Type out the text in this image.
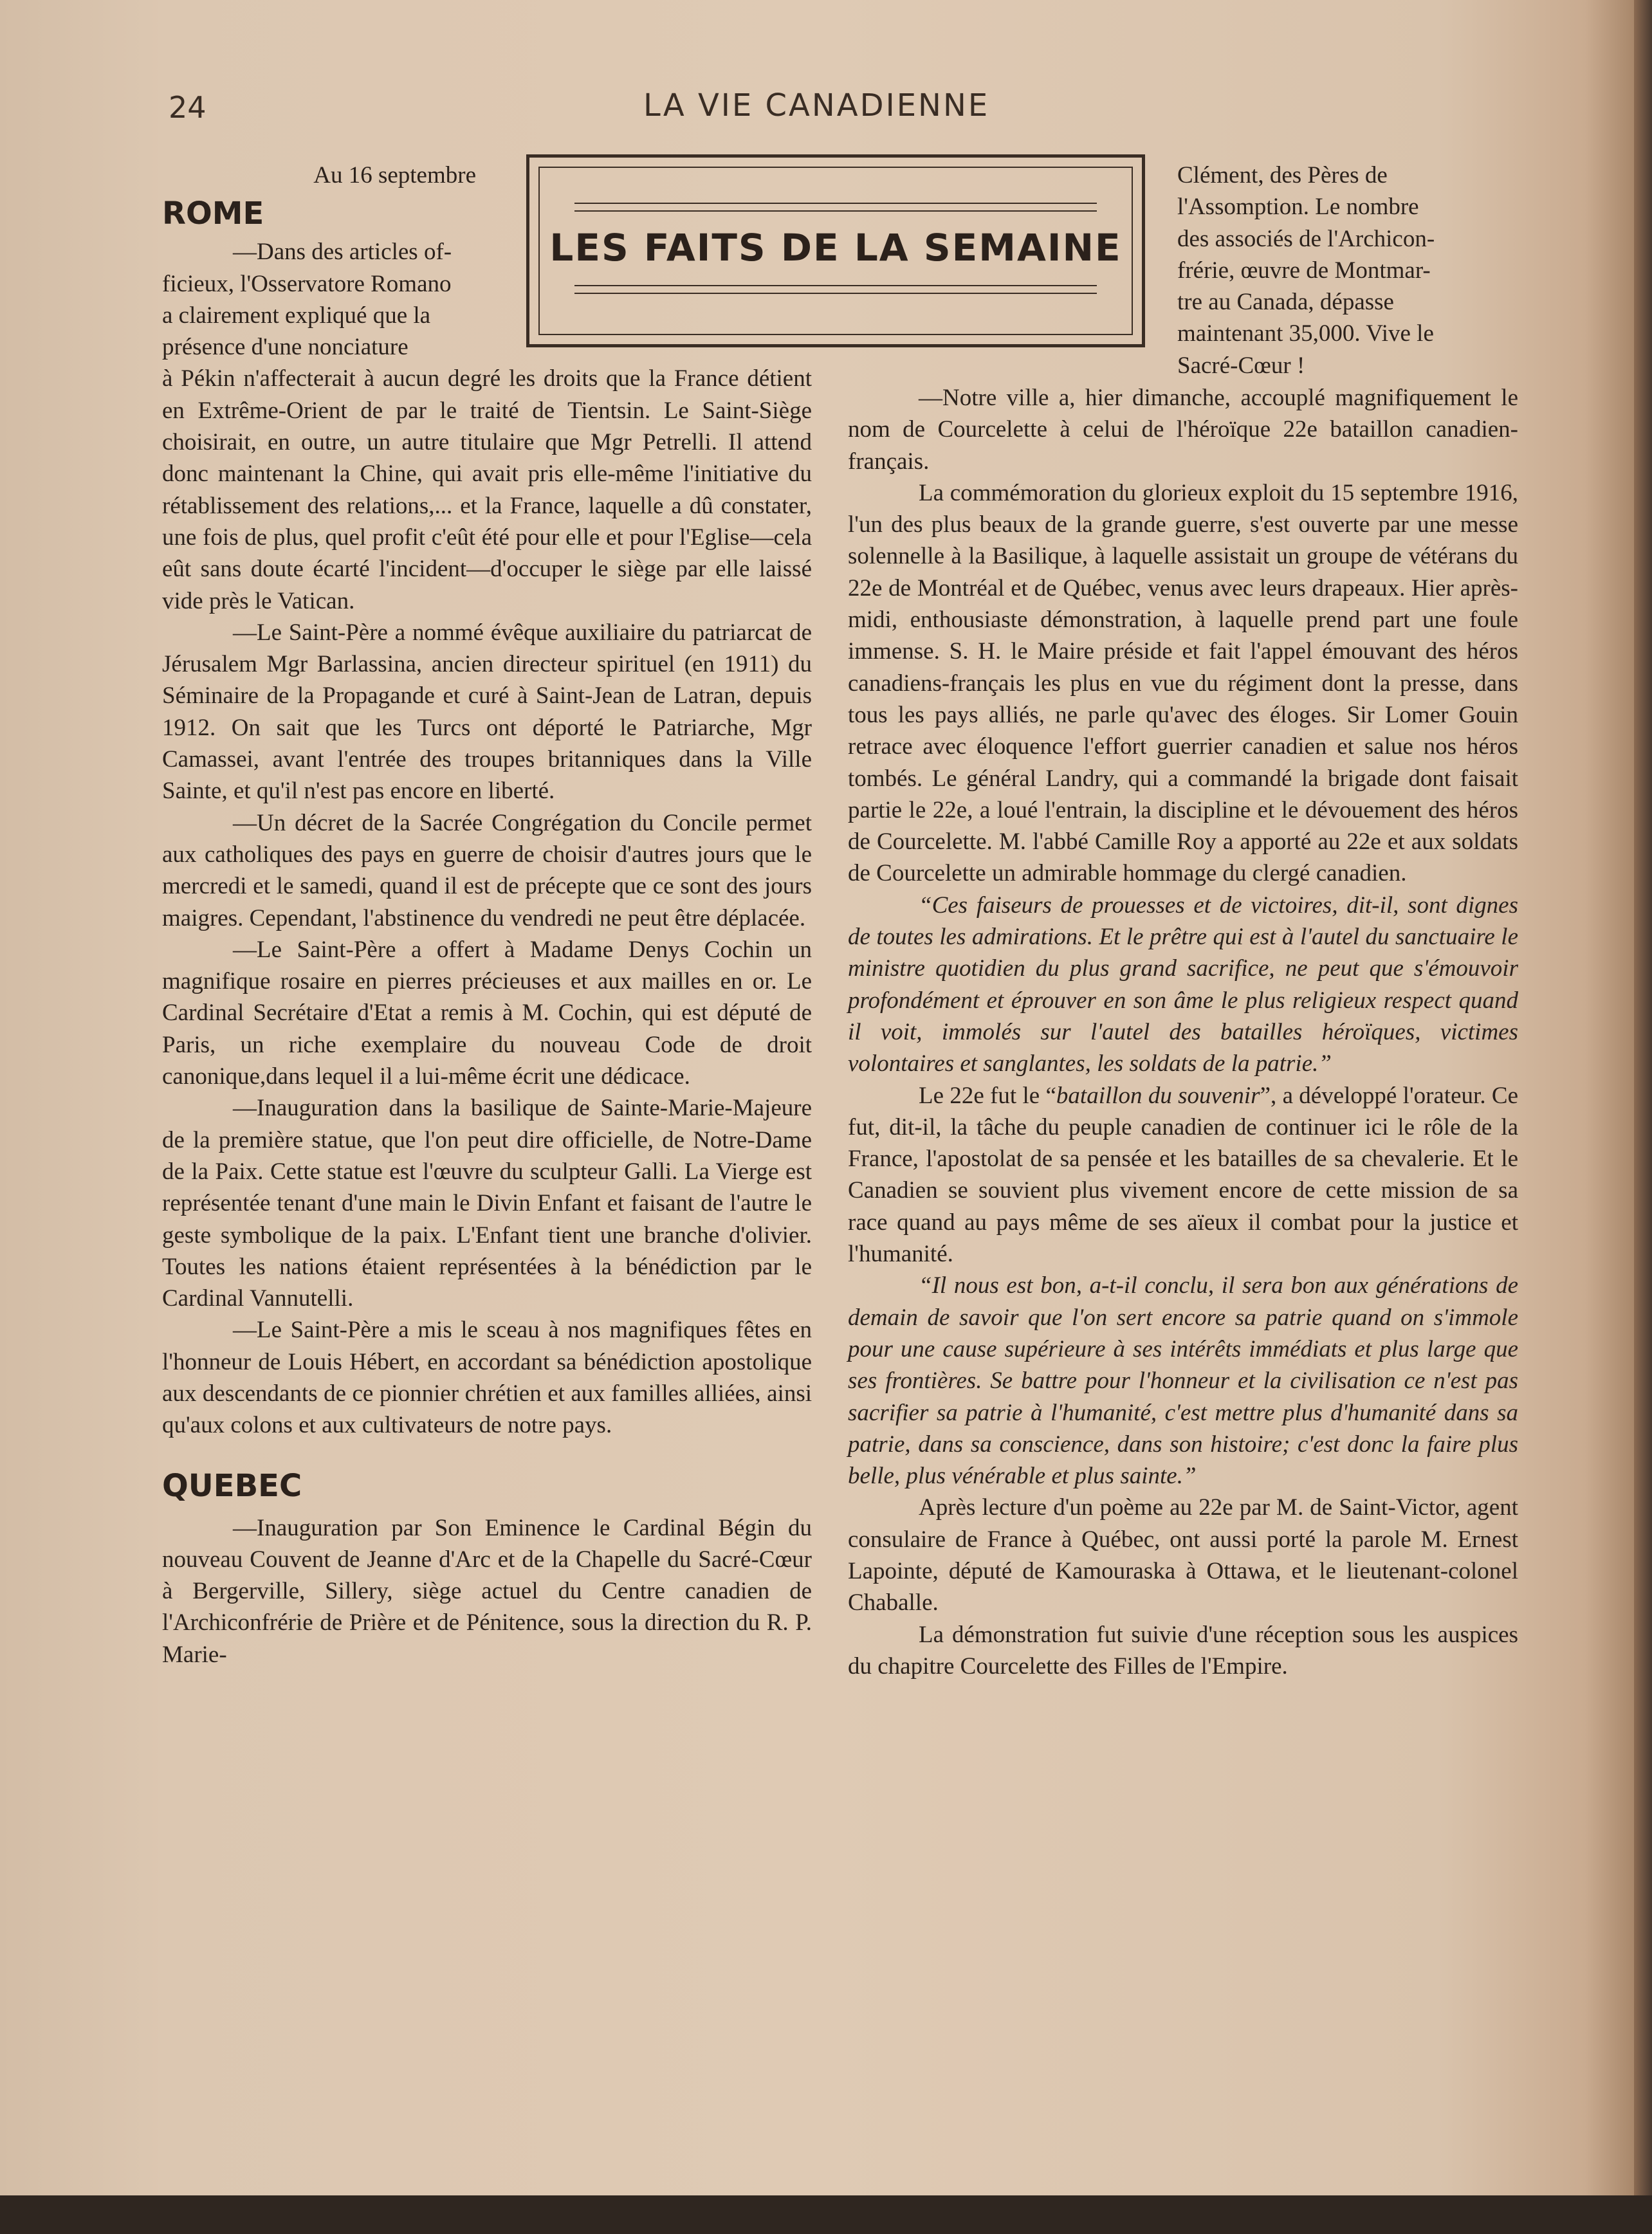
24	LA VIE CANADIENNE
LES FAITS DE LA SEMAINE

Au 16 septembre

ROME

—Dans des articles of-

ficieux, l'Osservatore Romano

a clairement expliqué que la

présence d'une nonciature

à Pékin n'affecterait à aucun degré les droits que la France détient en Extrême-Orient de par le traité de Tientsin. Le Saint-Siège choisirait, en outre, un autre titulaire que Mgr Petrelli. Il attend donc maintenant la Chine, qui avait pris elle-même l'initiative du rétablissement des relations,... et la France, laquelle a dû constater, une fois de plus, quel profit c'eût été pour elle et pour l'Eglise—cela eût sans doute écarté l'incident—d'occuper le siège par elle laissé vide près le Vatican.

—Le Saint-Père a nommé évêque auxiliaire du patriarcat de Jérusalem Mgr Barlassina, ancien directeur spirituel (en 1911) du Séminaire de la Propagande et curé à Saint-Jean de Latran, depuis 1912. On sait que les Turcs ont déporté le Patriarche, Mgr Camassei, avant l'entrée des troupes britanniques dans la Ville Sainte, et qu'il n'est pas encore en liberté.

—Un décret de la Sacrée Congrégation du Concile permet aux catholiques des pays en guerre de choisir d'autres jours que le mercredi et le samedi, quand il est de précepte que ce sont des jours maigres. Cependant, l'abstinence du vendredi ne peut être déplacée.

—Le Saint-Père a offert à Madame Denys Cochin un magnifique rosaire en pierres précieuses et aux mailles en or. Le Cardinal Secrétaire d'Etat a remis à M. Cochin, qui est député de Paris, un riche exemplaire du nouveau Code de droit canonique,dans lequel il a lui-même écrit une dédicace.

—Inauguration dans la basilique de Sainte-Marie-Majeure de la première statue, que l'on peut dire officielle, de Notre-Dame de la Paix. Cette statue est l'œuvre du sculpteur Galli. La Vierge est représentée tenant d'une main le Divin Enfant et faisant de l'autre le geste symbolique de la paix. L'Enfant tient une branche d'olivier. Toutes les nations étaient représentées à la bénédiction par le Cardinal Vannutelli.

—Le Saint-Père a mis le sceau à nos magnifiques fêtes en l'honneur de Louis Hébert, en accordant sa bénédiction apostolique aux descendants de ce pionnier chrétien et aux familles alliées, ainsi qu'aux colons et aux cultivateurs de notre pays.

QUEBEC

—Inauguration par Son Eminence le Cardinal Bégin du nouveau Couvent de Jeanne d'Arc et de la Chapelle du Sacré-Cœur à Bergerville, Sillery, siège actuel du Centre canadien de l'Archiconfrérie de Prière et de Pénitence, sous la direction du R. P. Marie-

Clément, des Pères de

l'Assomption. Le nombre

des associés de l'Archicon-

frérie, œuvre de Montmar-

tre au Canada, dépasse

maintenant 35,000. Vive le

Sacré-Cœur !

—Notre ville a, hier dimanche, accouplé magnifiquement le nom de Courcelette à celui de l'héroïque 22e bataillon canadien-français.

La commémoration du glorieux exploit du 15 septembre 1916, l'un des plus beaux de la grande guerre, s'est ouverte par une messe solennelle à la Basilique, à laquelle assistait un groupe de vétérans du 22e de Montréal et de Québec, venus avec leurs drapeaux. Hier après-midi, enthousiaste démonstration, à laquelle prend part une foule immense. S. H. le Maire préside et fait l'appel émouvant des héros canadiens-français les plus en vue du régiment dont la presse, dans tous les pays alliés, ne parle qu'avec des éloges. Sir Lomer Gouin retrace avec éloquence l'effort guerrier canadien et salue nos héros tombés. Le général Landry, qui a commandé la brigade dont faisait partie le 22e, a loué l'entrain, la discipline et le dévouement des héros de Courcelette. M. l'abbé Camille Roy a apporté au 22e et aux soldats de Courcelette un admirable hommage du clergé canadien.

“Ces faiseurs de prouesses et de victoires, dit-il, sont dignes de toutes les admirations. Et le prêtre qui est à l'autel du sanctuaire le ministre quotidien du plus grand sacrifice, ne peut que s'émouvoir profondément et éprouver en son âme le plus religieux respect quand il voit, immolés sur l'autel des batailles héroïques, victimes volontaires et sanglantes, les soldats de la patrie.”

Le 22e fut le “bataillon du souvenir”, a développé l'orateur. Ce fut, dit-il, la tâche du peuple canadien de continuer ici le rôle de la France, l'apostolat de sa pensée et les batailles de sa chevalerie. Et le Canadien se souvient plus vivement encore de cette mission de sa race quand au pays même de ses aïeux il combat pour la justice et l'humanité.

“Il nous est bon, a-t-il conclu, il sera bon aux générations de demain de savoir que l'on sert encore sa patrie quand on s'immole pour une cause supérieure à ses intérêts immédiats et plus large que ses frontières. Se battre pour l'honneur et la civilisation ce n'est pas sacrifier sa patrie à l'humanité, c'est mettre plus d'humanité dans sa patrie, dans sa conscience, dans son histoire; c'est donc la faire plus belle, plus vénérable et plus sainte.”

Après lecture d'un poème au 22e par M. de Saint-Victor, agent consulaire de France à Québec, ont aussi porté la parole M. Ernest Lapointe, député de Kamouraska à Ottawa, et le lieutenant-colonel Chaballe.

La démonstration fut suivie d'une réception sous les auspices du chapitre Courcelette des Filles de l'Empire.
